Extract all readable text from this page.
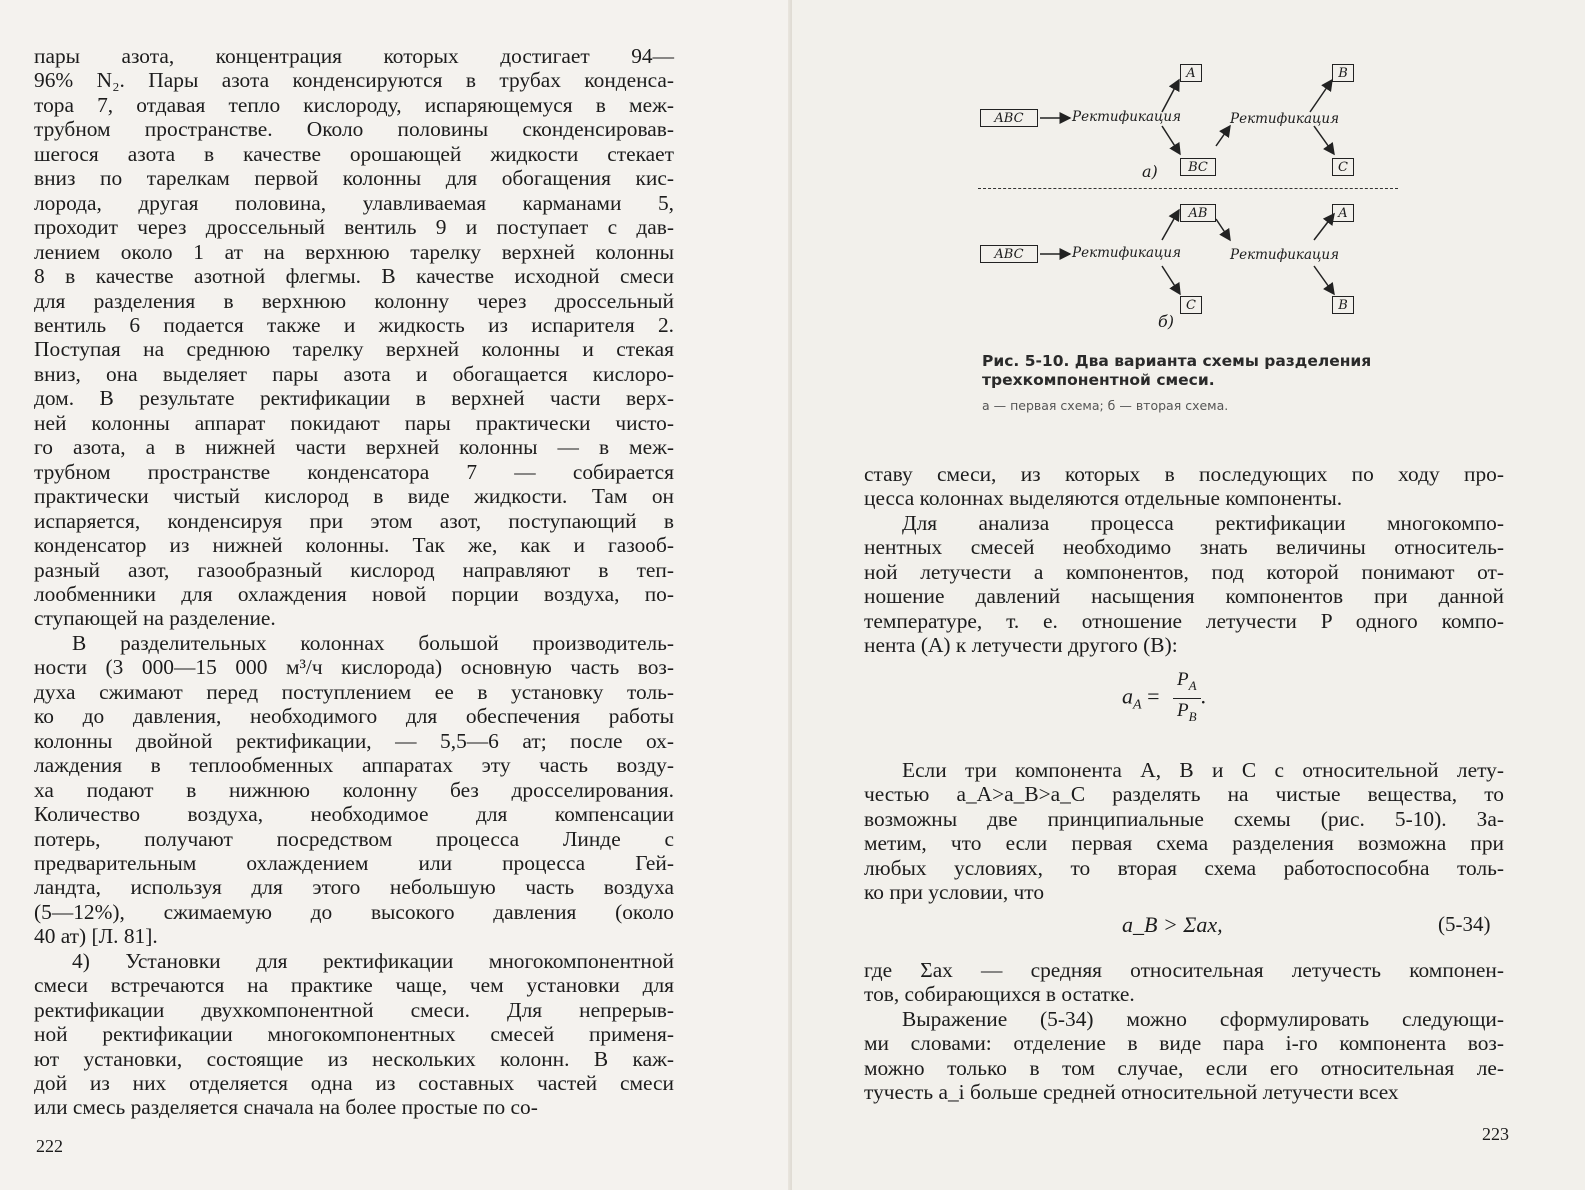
пары азота, концентрация которых достигает 94—
96% N₂. Пары азота конденсируются в трубах конденса-
тора 7, отдавая тепло кислороду, испаряющемуся в меж-
трубном пространстве. Около половины сконденсировав-
шегося азота в качестве орошающей жидкости стекает
вниз по тарелкам первой колонны для обогащения кис-
лорода, другая половина, улавливаемая карманами 5,
проходит через дроссельный вентиль 9 и поступает с дав-
лением около 1 ат на верхнюю тарелку верхней колонны
8 в качестве азотной флегмы. В качестве исходной смеси
для разделения в верхнюю колонну через дроссельный
вентиль 6 подается также и жидкость из испарителя 2.
Поступая на среднюю тарелку верхней колонны и стекая
вниз, она выделяет пары азота и обогащается кислоро-
дом. В результате ректификации в верхней части верх-
ней колонны аппарат покидают пары практически чисто-
го азота, а в нижней части верхней колонны — в меж-
трубном пространстве конденсатора 7 — собирается
практически чистый кислород в виде жидкости. Там он
испаряется, конденсируя при этом азот, поступающий в
конденсатор из нижней колонны. Так же, как и газооб-
разный азот, газообразный кислород направляют в теп-
лообменники для охлаждения новой порции воздуха, по-
ступающей на разделение.
В разделительных колоннах большой производитель-
ности (3 000—15 000 м³/ч кислорода) основную часть воз-
духа сжимают перед поступлением ее в установку толь-
ко до давления, необходимого для обеспечения работы
колонны двойной ректификации, — 5,5—6 ат; после ох-
лаждения в теплообменных аппаратах эту часть возду-
ха подают в нижнюю колонну без дросселирования.
Количество воздуха, необходимое для компенсации
потерь, получают посредством процесса Линде с
предварительным охлаждением или процесса Гей-
ландта, используя для этого небольшую часть воздуха
(5—12%), сжимаемую до высокого давления (около
40 ат) [Л. 81].
4) Установки для ректификации многокомпонентной
смеси встречаются на практике чаще, чем установки для
ректификации двухкомпонентной смеси. Для непрерыв-
ной ректификации многокомпонентных смесей применя-
ют установки, состоящие из нескольких колонн. В каж-
дой из них отделяется одна из составных частей смеси
или смесь разделяется сначала на более простые по со-
222
ABC	Ректификация
A
BC
Ректификация
B
C
а)
ABC	Ректификация
AB
C
Ректификация
A
B
б)
Рис. 5-10. Два варианта схемы разделения
трехкомпонентной смеси.
а — первая схема; б — вторая схема.
ставу смеси, из которых в последующих по ходу про-
цесса колоннах выделяются отдельные компоненты.
Для анализа процесса ректификации многокомпо-
нентных смесей необходимо знать величины относитель-
ной летучести а компонентов, под которой понимают от-
ношение давлений насыщения компонентов при данной
температуре, т. е. отношение летучести P одного компо-
нента (A) к летучести другого (B):
$a_A = \frac{P_A}{P_B}$ .
Если три компонента A, B и C с относительной лету-
честью a_A>a_B>a_C разделять на чистые вещества, то
возможны две принципиальные схемы (рис. 5-10). За-
метим, что если первая схема разделения возможна при
любых условиях, то вторая схема работоспособна толь-
ко при условии, что
a_B > Σax,	(5-34)
где Σax — средняя относительная летучесть компонен-
тов, собирающихся в остатке.
Выражение (5-34) можно сформулировать следующи-
ми словами: отделение в виде пара i-го компонента воз-
можно только в том случае, если его относительная ле-
тучесть a_i больше средней относительной летучести всех
223
